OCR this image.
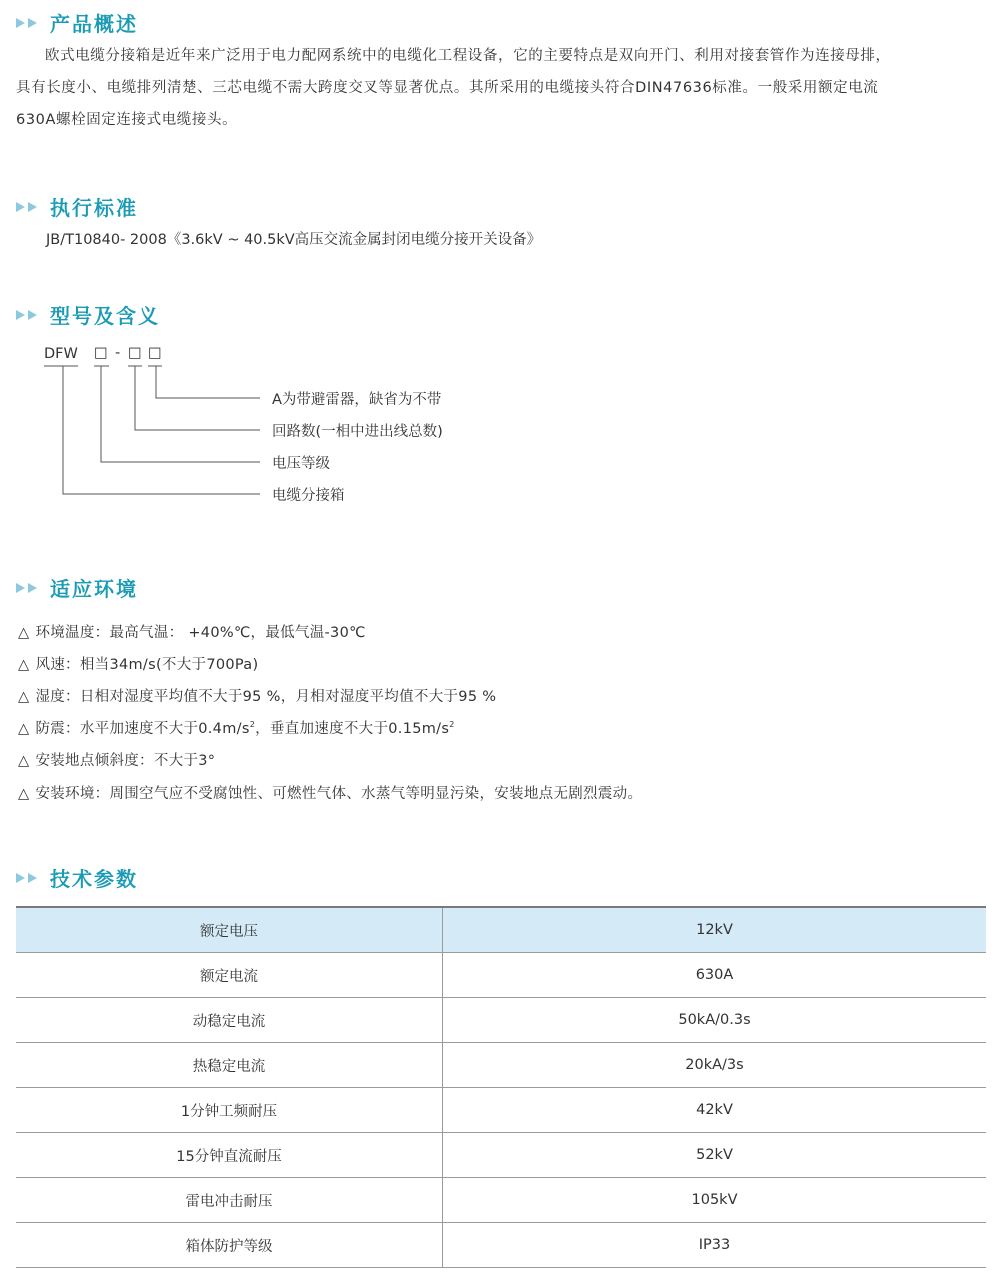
产品概述

欧式电缆分接箱是近年来广泛用于电力配网系统中的电缆化工程设备，它的主要特点是双向开门、利用对接套管作为连接母排，

具有长度小、电缆排列清楚、三芯电缆不需大跨度交叉等显著优点。其所采用的电缆接头符合DIN47636标准。一般采用额定电流

630A螺栓固定连接式电缆接头。

执行标准
JB/T10840- 2008《3.6kV ~ 40.5kV高压交流金属封闭电缆分接开关设备》
型号及含义
DFW □ - □ □
A为带避雷器，缺省为不带
回路数(一相中进出线总数)
电压等级
电缆分接箱
适应环境
△ 环境温度：最高气温： +40%℃，最低气温-30℃
△ 风速：相当34m/s(不大于700Pa)
△ 湿度：日相对湿度平均值不大于95 %，月相对湿度平均值不大于95 %
△ 防震：水平加速度不大于$0.4m/s^2$，垂直加速度不大于$0.15m/s^2$
△ 安装地点倾斜度：不大于3°
△ 安装环境：周围空气应不受腐蚀性、可燃性气体、水蒸气等明显污染，安装地点无剧烈震动。
技术参数
额定电压	12kV
额定电流	630A
动稳定电流	50kA/0.3s
热稳定电流	20kA/3s
1分钟工频耐压	42kV
15分钟直流耐压	52kV
雷电冲击耐压	105kV
箱体防护等级	IP33
